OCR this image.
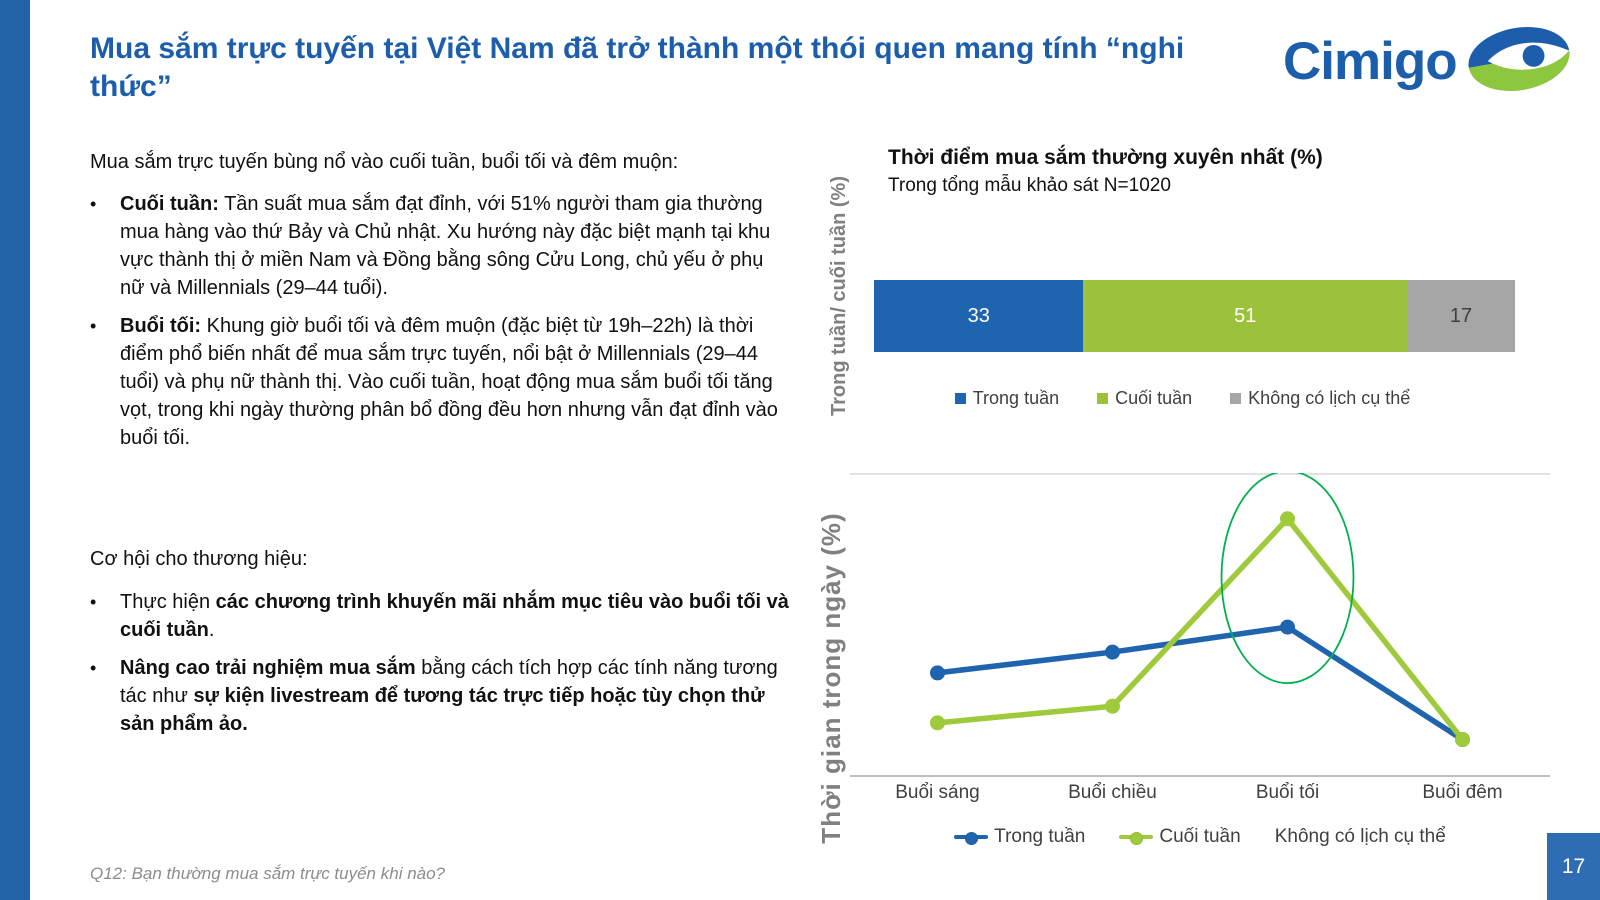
Mua sắm trực tuyến tại Việt Nam đã trở thành một thói quen mang tính “nghi thức”	Cimigo

Mua sắm trực tuyến bùng nổ vào cuối tuần, buổi tối và đêm muộn:

•	Cuối tuần: Tần suất mua sắm đạt đỉnh, với 51% người tham gia thường mua hàng vào thứ Bảy và Chủ nhật. Xu hướng này đặc biệt mạnh tại khu vực thành thị ở miền Nam và Đồng bằng sông Cửu Long, chủ yếu ở phụ nữ và Millennials (29–44 tuổi).
•	Buổi tối: Khung giờ buổi tối và đêm muộn (đặc biệt từ 19h–22h) là thời điểm phổ biến nhất để mua sắm trực tuyến, nổi bật ở Millennials (29–44 tuổi) và phụ nữ thành thị. Vào cuối tuần, hoạt động mua sắm buổi tối tăng vọt, trong khi ngày thường phân bổ đồng đều hơn nhưng vẫn đạt đỉnh vào buổi tối.

Cơ hội cho thương hiệu:

•	Thực hiện các chương trình khuyến mãi nhắm mục tiêu vào buổi tối và cuối tuần.
•	Nâng cao trải nghiệm mua sắm bằng cách tích hợp các tính năng tương tác như sự kiện livestream để tương tác trực tiếp hoặc tùy chọn thử sản phẩm ảo.
Trong tuần/ cuối tuần (%)
Thời điểm mua sắm thường xuyên nhất (%)
Trong tổng mẫu khảo sát N=1020
33	51	17
Trong tuần	Cuối tuần	Không có lịch cụ thể
Thời gian trong ngày (%)	Buổi sáng	Buổi chiều	Buổi tối	Buổi đêm
Trong tuần	Cuối tuần Không có lịch cụ thể
Q12: Bạn thường mua sắm trực tuyến khi nào?	17
